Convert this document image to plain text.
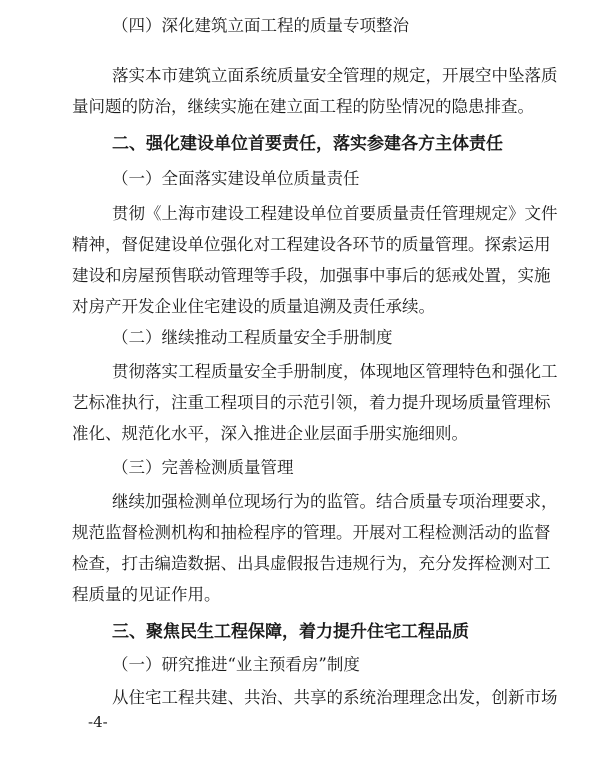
（四）深化建筑立面工程的质量专项整治
落实本市建筑立面系统质量安全管理的规定，开展空中坠落质
量问题的防治，继续实施在建立面工程的防坠情况的隐患排查。
二、强化建设单位首要责任，落实参建各方主体责任
（一）全面落实建设单位质量责任
贯彻《上海市建设工程建设单位首要质量责任管理规定》文件
精神，督促建设单位强化对工程建设各环节的质量管理。探索运用
建设和房屋预售联动管理等手段，加强事中事后的惩戒处置，实施
对房产开发企业住宅建设的质量追溯及责任承续。
（二）继续推动工程质量安全手册制度
贯彻落实工程质量安全手册制度，体现地区管理特色和强化工
艺标准执行，注重工程项目的示范引领，着力提升现场质量管理标
准化、规范化水平，深入推进企业层面手册实施细则。
（三）完善检测质量管理
继续加强检测单位现场行为的监管。结合质量专项治理要求，
规范监督检测机构和抽检程序的管理。开展对工程检测活动的监督
检查，打击编造数据、出具虚假报告违规行为，充分发挥检测对工
程质量的见证作用。
三、聚焦民生工程保障，着力提升住宅工程品质
（一）研究推进“业主预看房”制度
从住宅工程共建、共治、共享的系统治理理念出发，创新市场
-4-
